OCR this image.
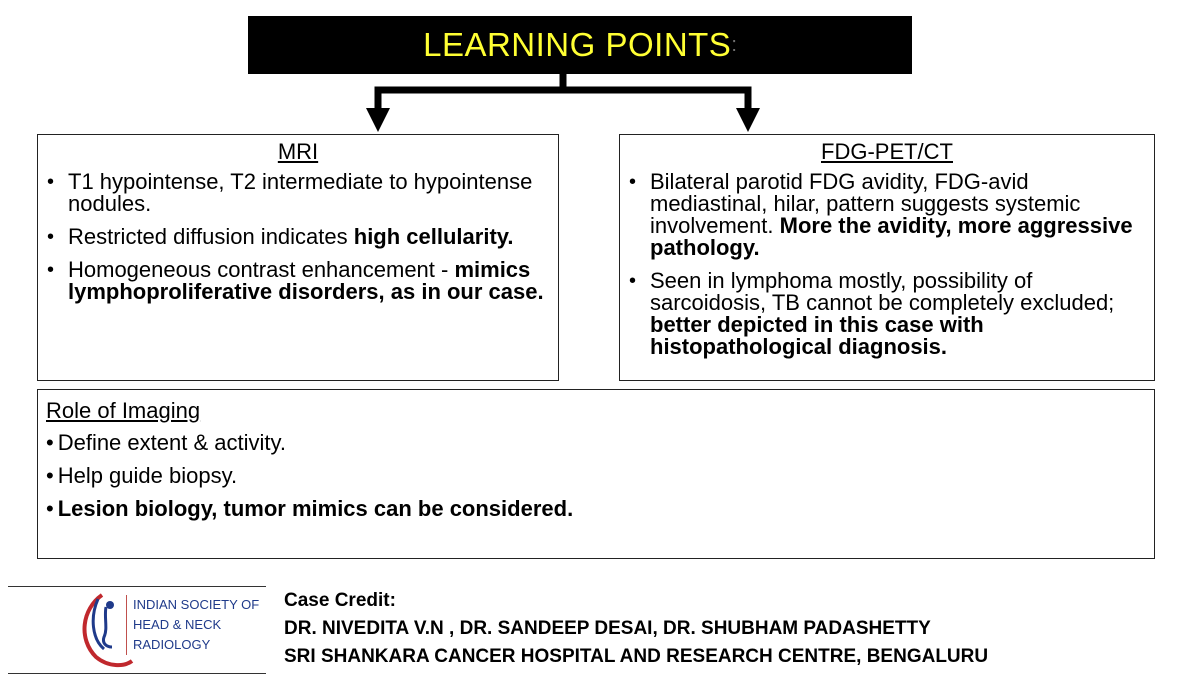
LEARNING POINTS :
MRI
• T1 hypointense, T2 intermediate to hypointense nodules.
• Restricted diffusion indicates high cellularity.
• Homogeneous contrast enhancement - mimics lymphoproliferative disorders, as in our case.
FDG-PET/CT
• Bilateral parotid FDG avidity, FDG-avid mediastinal, hilar, pattern suggests systemic involvement. More the avidity, more aggressive pathology.
• Seen in lymphoma mostly, possibility of sarcoidosis, TB cannot be completely excluded; better depicted in this case with histopathological diagnosis.
Role of Imaging
• Define extent & activity.
• Help guide biopsy.
• Lesion biology, tumor mimics can be considered.
INDIAN SOCIETY OF
HEAD & NECK
RADIOLOGY
Case Credit:
DR. NIVEDITA V.N , DR. SANDEEP DESAI, DR. SHUBHAM PADASHETTY
SRI SHANKARA CANCER HOSPITAL AND RESEARCH CENTRE, BENGALURU
